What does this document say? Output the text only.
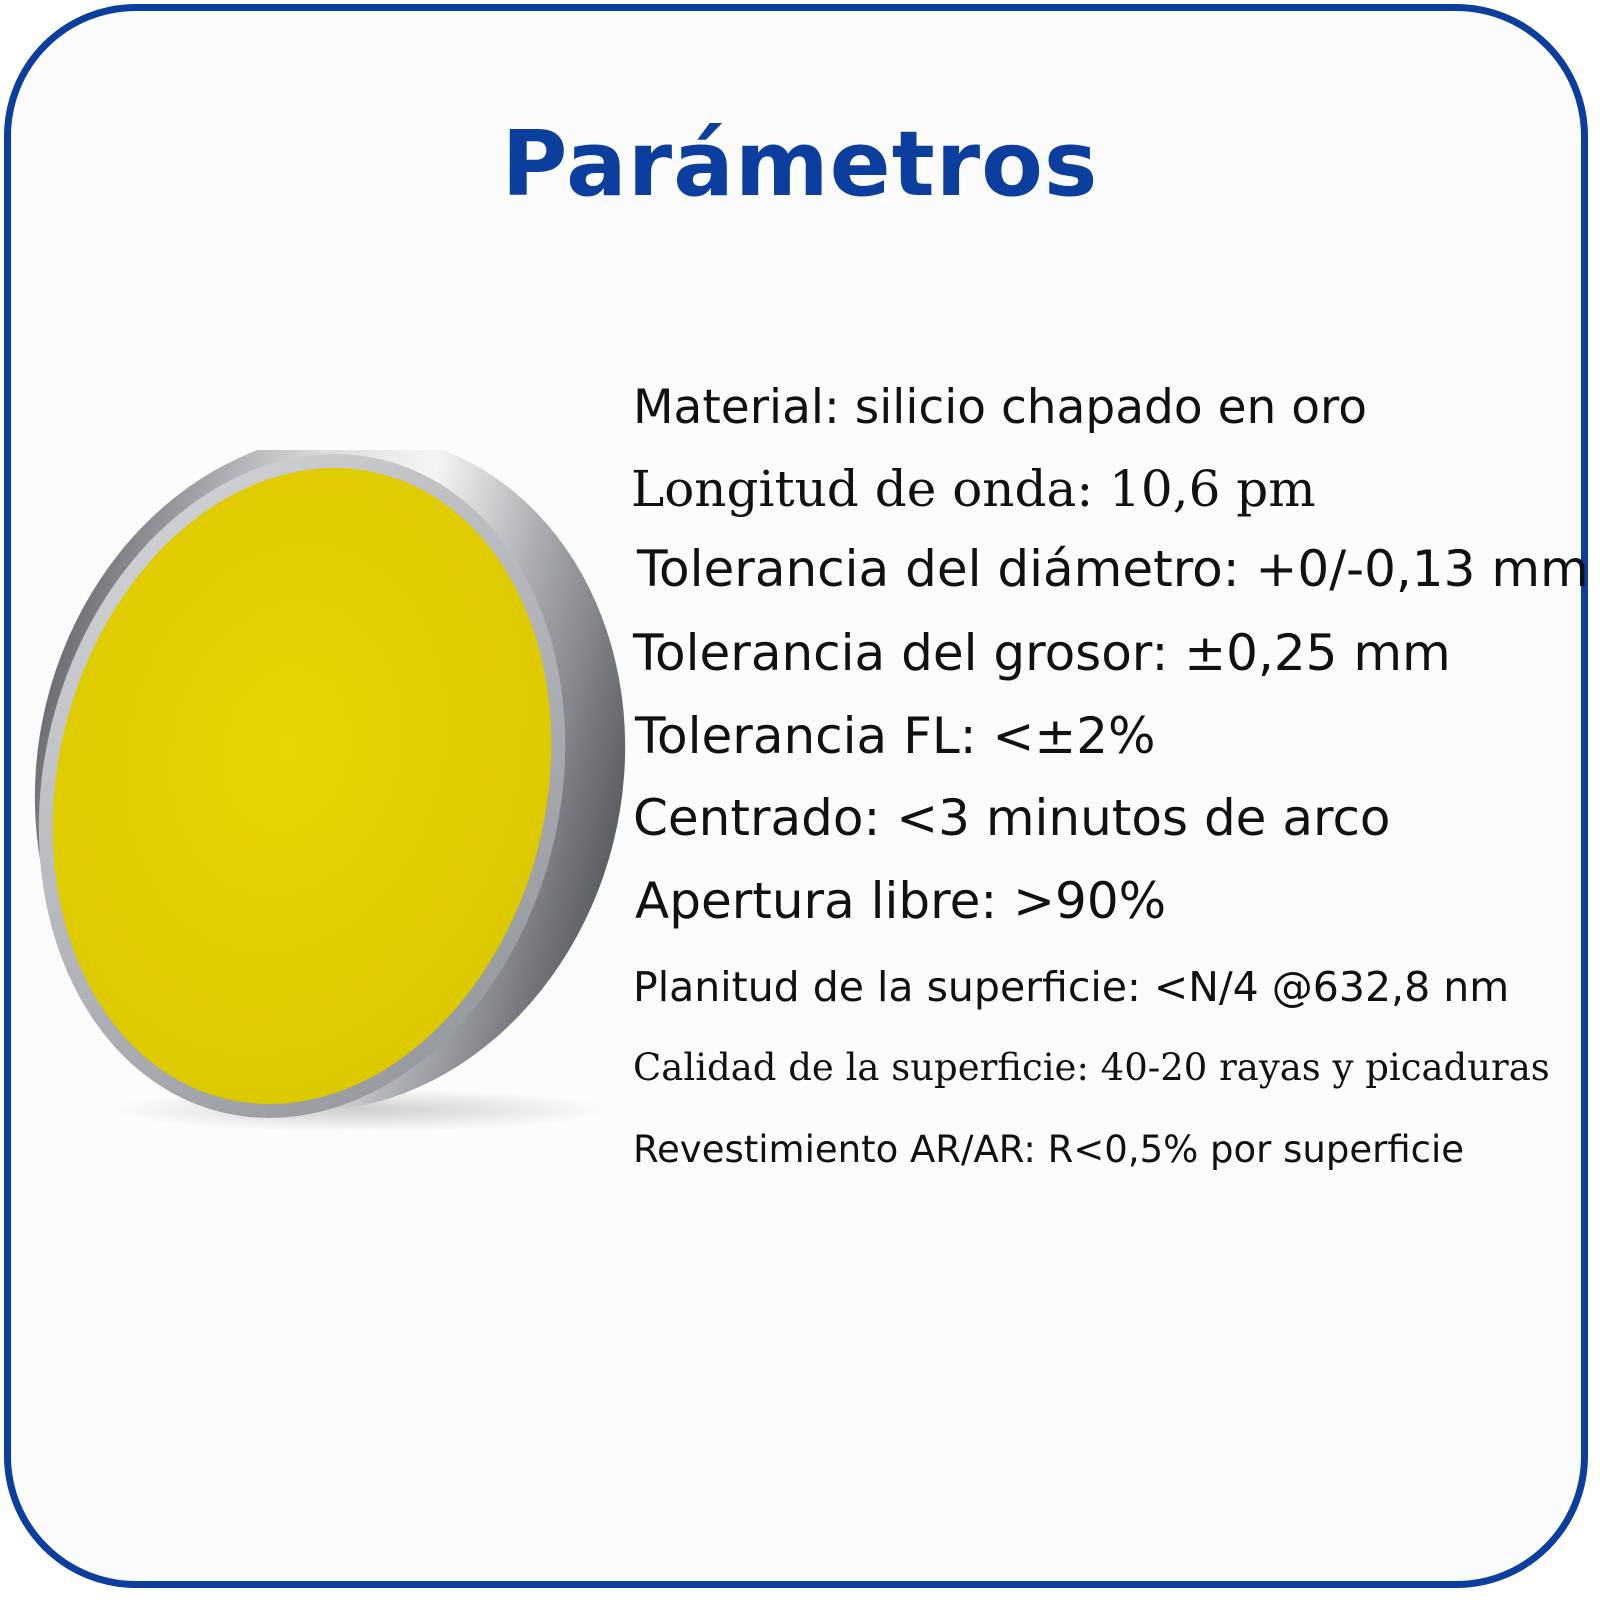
Parámetros
Material: silicio chapado en oro
Longitud de onda: 10,6 pm
Tolerancia del diámetro: +0/-0,13 mm
Tolerancia del grosor: ±0,25 mm
Tolerancia FL: <±2%
Centrado: <3 minutos de arco
Apertura libre: >90%
Planitud de la superficie: <N/4 @632,8 nm
Calidad de la superficie: 40-20 rayas y picaduras
Revestimiento AR/AR: R<0,5% por superficie
